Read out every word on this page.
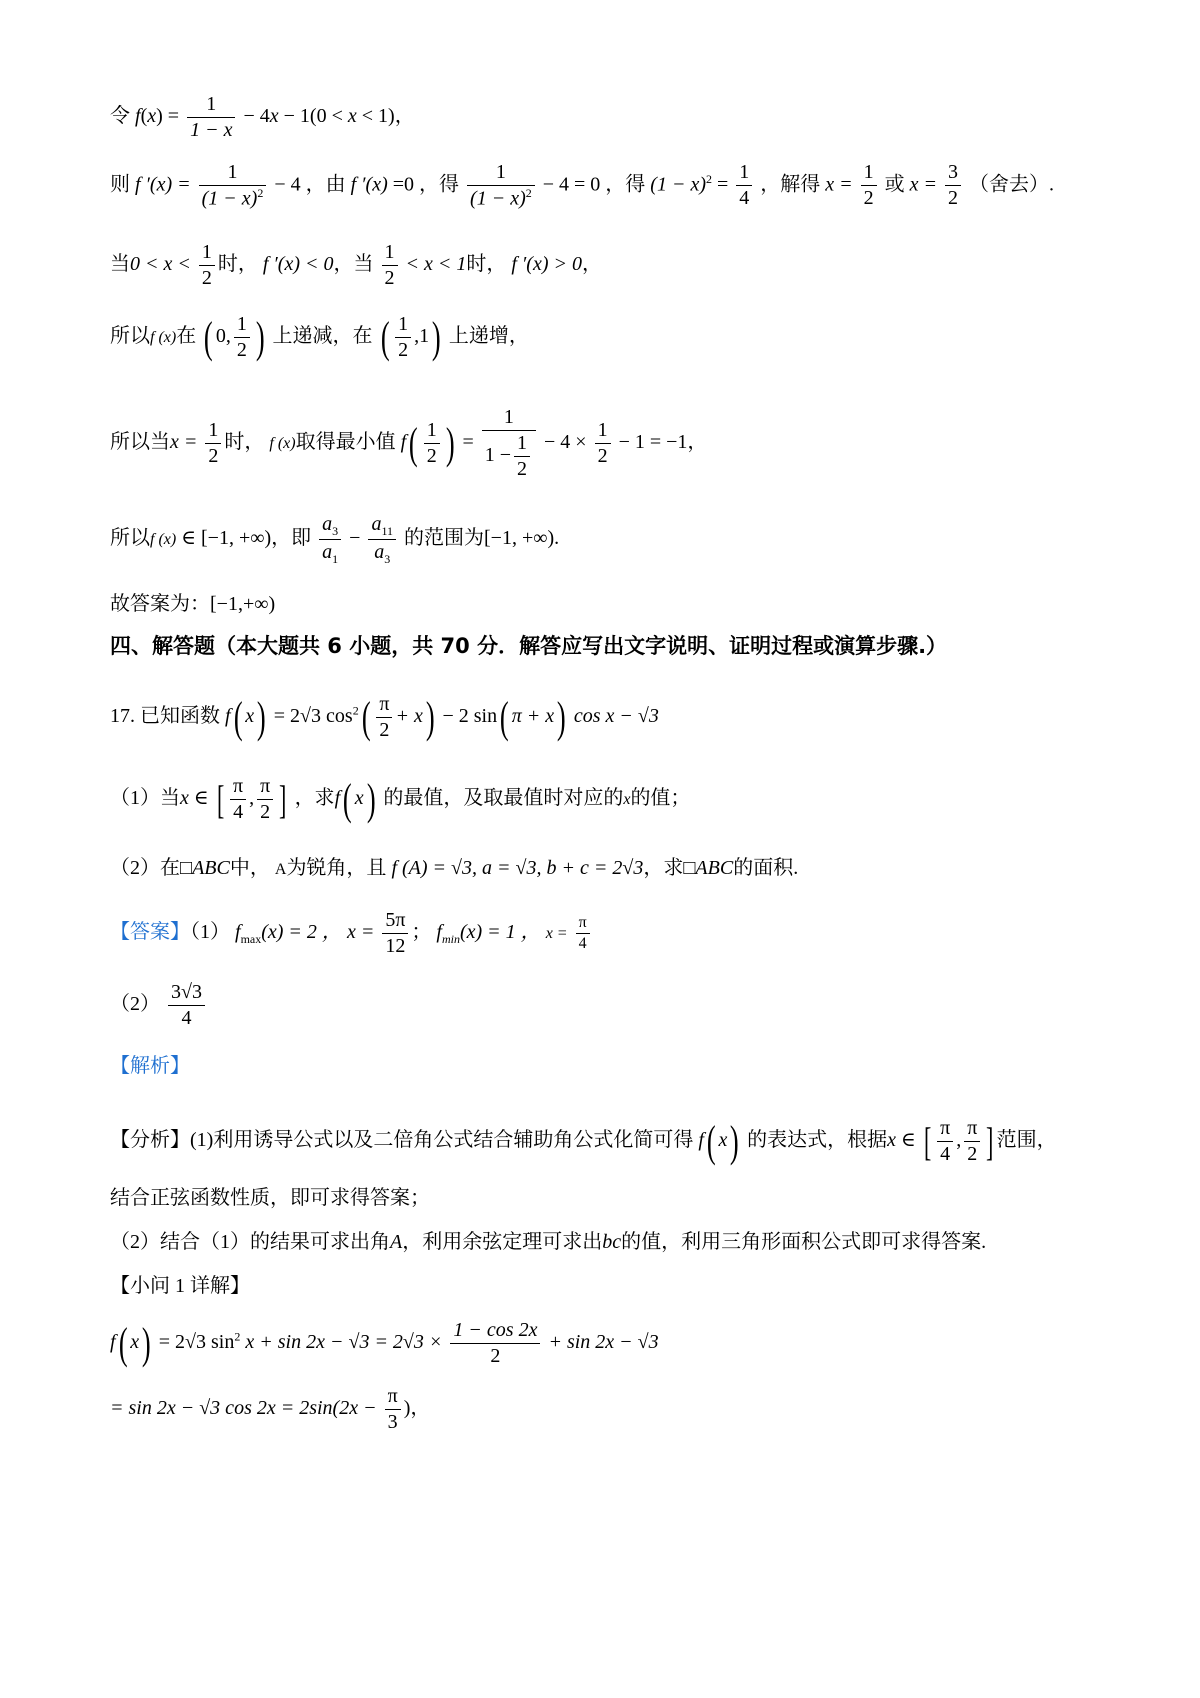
令 $f(x) = \frac{1}{1 - x} - 4x - 1(0 < x < 1)$，
则 f $'(x) = \frac{1}{(1 - x)^2} - 4$ ，由 f ′(x) =0 ，得 $\frac{1}{(1 - x)^2} - 4 = 0$ ，得 $(1 - x)^2 = \frac{1}{4}$ ，解得 $x = \frac{1}{2}$ 或 $x = \frac{3}{2}$ （舍去）.
当$0 < x < \frac{1}{2}$ 时， f ′(x) < 0，当 $\frac{1}{2} < x < 1$时， f ′(x) > 0，
所以f (x)在 ( 0, $\frac{1}{2}$ ) 上递减，在 ( $\frac{1}{2} ,1$) 上递增，
所以当$x = \frac{1}{2}$ 时， f (x)取得最小值 $f( \frac{1}{2}$ ) = $\frac{1}{1 - \frac{1}{2}} - 4 \times \frac{1}{2} - 1 = -1$，
所以f (x) ∈ [−1, +∞)，即 $\frac{a_3}{a_1} - \frac{a_{11}}{a_3}$ 的范围为[−1, +∞).
故答案为：[−1,+∞)
四、解答题（本大题共 6 小题，共 70 分．解答应写出文字说明、证明过程或演算步骤.）
17. 已知函数 f( x) = 2√3 $\cos^2( \frac{\pi}{2} + x) - 2$ sin( π + x) cos x − √3
（1）当x ∈ [ $\frac{\pi}{4}$ , $\frac{\pi}{2}$ ] ，求f( x) 的最值，及取最值时对应的x的值；
（2）在□ABC中， A为锐角，且 f (A) = √3, a = √3, b + c = 2√3，求□ABC的面积.
【答案】（1） $f_{max}(x) = 2$ ， $x = \frac{5\pi}{12}$ ； $f_{min}(x) = 1$ ， $x = \frac{\pi}{4}$
$(2) \frac{3√3}{4}$
【解析】
【分析】(1)利用诱导公式以及二倍角公式结合辅助角公式化简可得 f( x) 的表达式，根据x ∈ [ $\frac{\pi}{4}$ , $\frac{\pi}{2}$ ] 范围，
结合正弦函数性质，即可求得答案；
（2）结合（1）的结果可求出角A，利用余弦定理可求出bc的值，利用三角形面积公式即可求得答案.
【小问 1 详解】
f( x) = 2√3 $\sin^2 x + \sin 2x - √3 = 2√3 \times \frac{1 - \cos 2x}{2} + \sin 2x - √3$
= sin 2x − √3 $\cos 2x = 2\sin(2x - \frac{\pi}{3}$ )，
